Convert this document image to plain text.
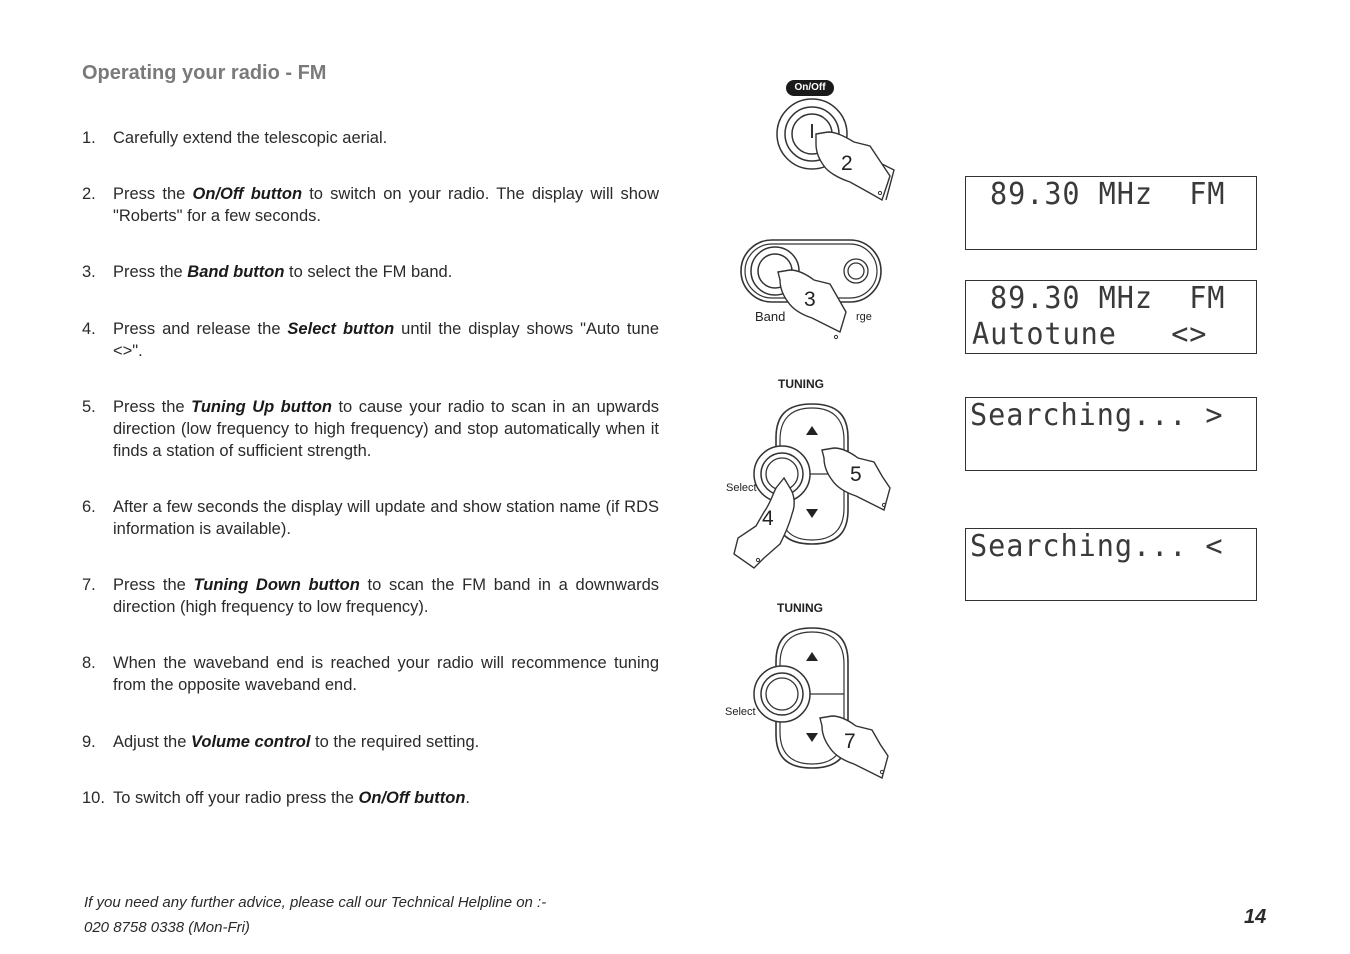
Operating your radio - FM
1.	Carefully extend the telescopic aerial.
2.	Press the On/Off button to switch on your radio. The display will show "Roberts" for a few seconds.
3.	Press the Band button to select the FM band.
4.	Press and release the Select button until the display shows "Auto tune <>".
5.	Press the Tuning Up button to cause your radio to scan in an upwards direction (low frequency to high frequency) and stop automatically when it finds a station of sufficient strength.
6.	After a few seconds the display will update and show station name (if RDS information is available).
7.	Press the Tuning Down button to scan the FM band in a downwards direction (high frequency to low frequency).
8.	When the waveband end is reached your radio will recommence tuning from the opposite waveband end.
9.	Adjust the Volume control to the required setting.
10. To switch off your radio press the On/Off button.
If you need any further advice, please call our Technical Helpline on :-
020 8758 0338 (Mon-Fri)	14
On/Off
2
Band	rge
3
TUNING
Select
5
4
TUNING
Select
7
89.30 MHz  FM
89.30 MHz  FM
Autotune   <>
Searching... >
Searching... <
